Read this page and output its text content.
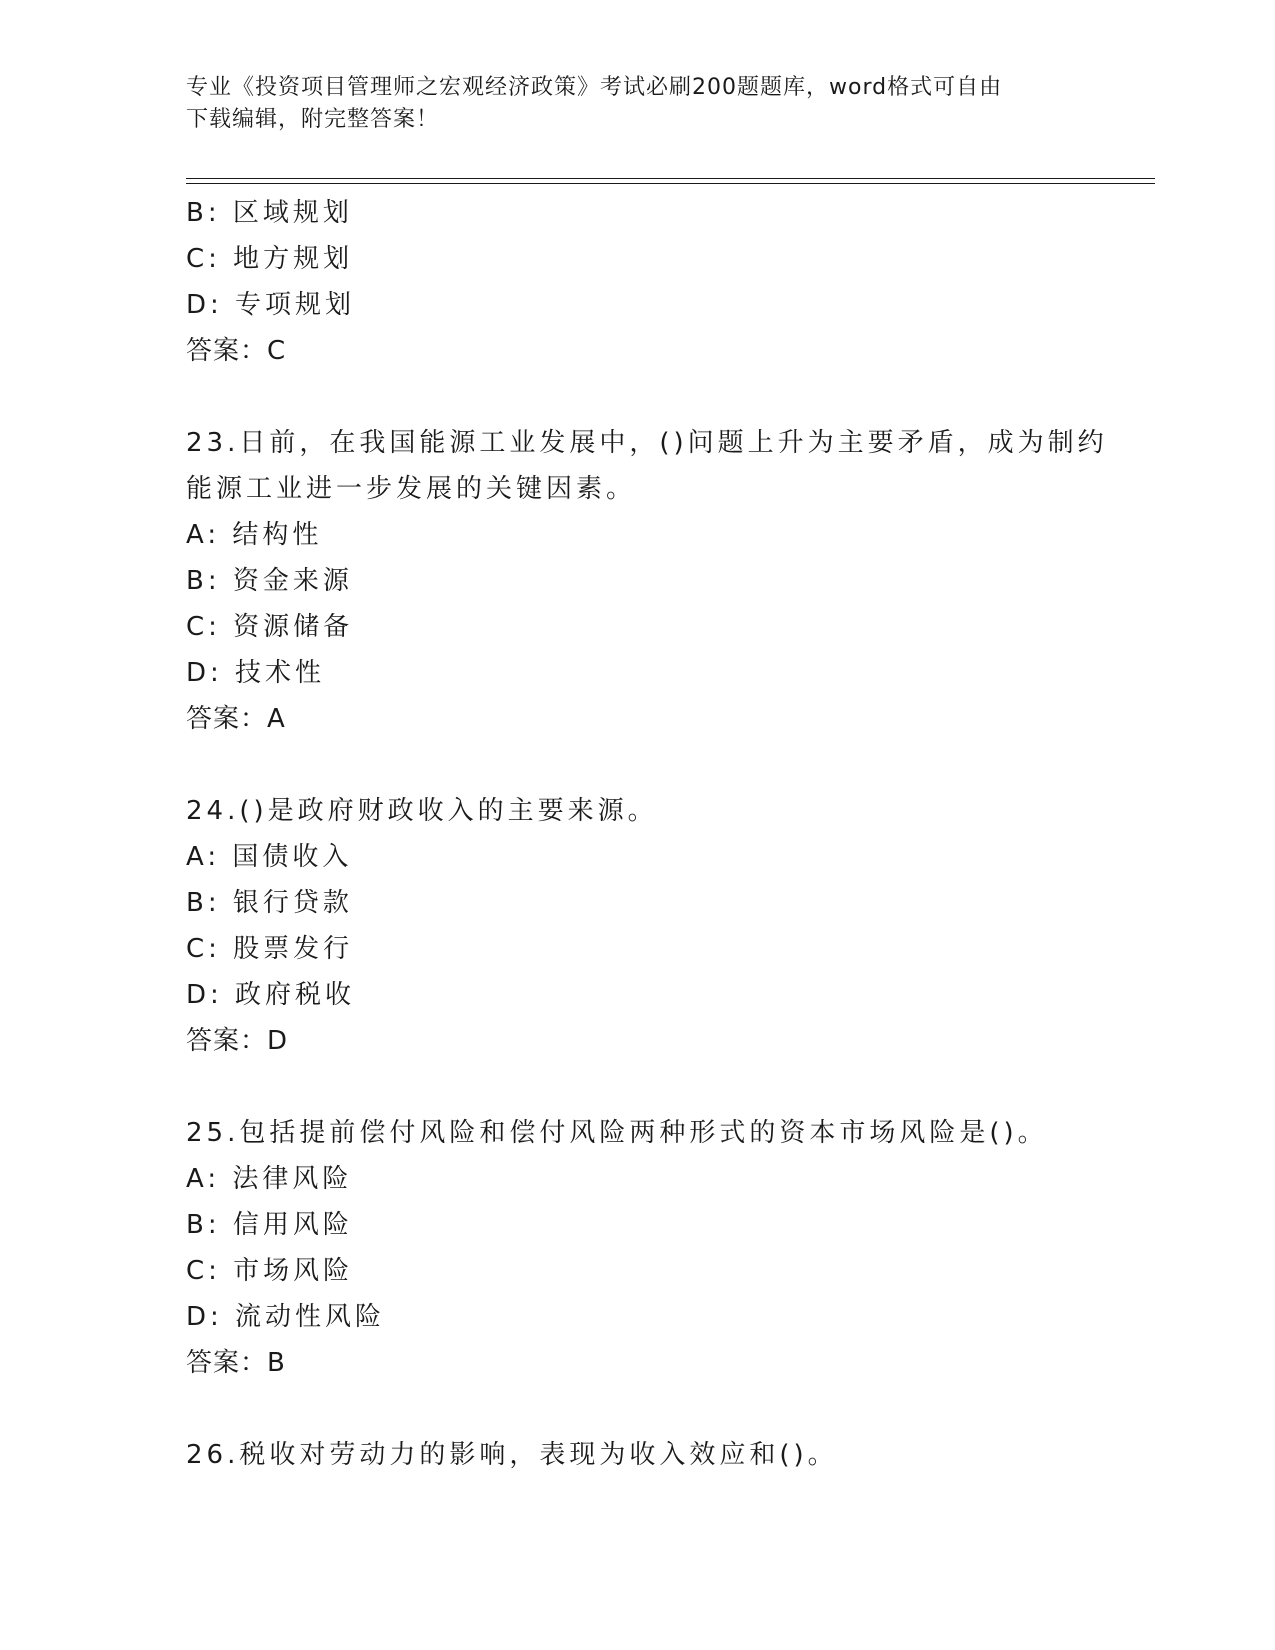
专业《投资项目管理师之宏观经济政策》考试必刷200题题库，word格式可自由
下载编辑，附完整答案！
B: 区域规划
C: 地方规划
D: 专项规划
答案：C
23.日前，在我国能源工业发展中，()问题上升为主要矛盾，成为制约
能源工业进一步发展的关键因素。
A: 结构性
B: 资金来源
C: 资源储备
D: 技术性
答案：A
24.()是政府财政收入的主要来源。
A: 国债收入
B: 银行贷款
C: 股票发行
D: 政府税收
答案：D
25.包括提前偿付风险和偿付风险两种形式的资本市场风险是()。
A: 法律风险
B: 信用风险
C: 市场风险
D: 流动性风险
答案：B
26.税收对劳动力的影响，表现为收入效应和()。
